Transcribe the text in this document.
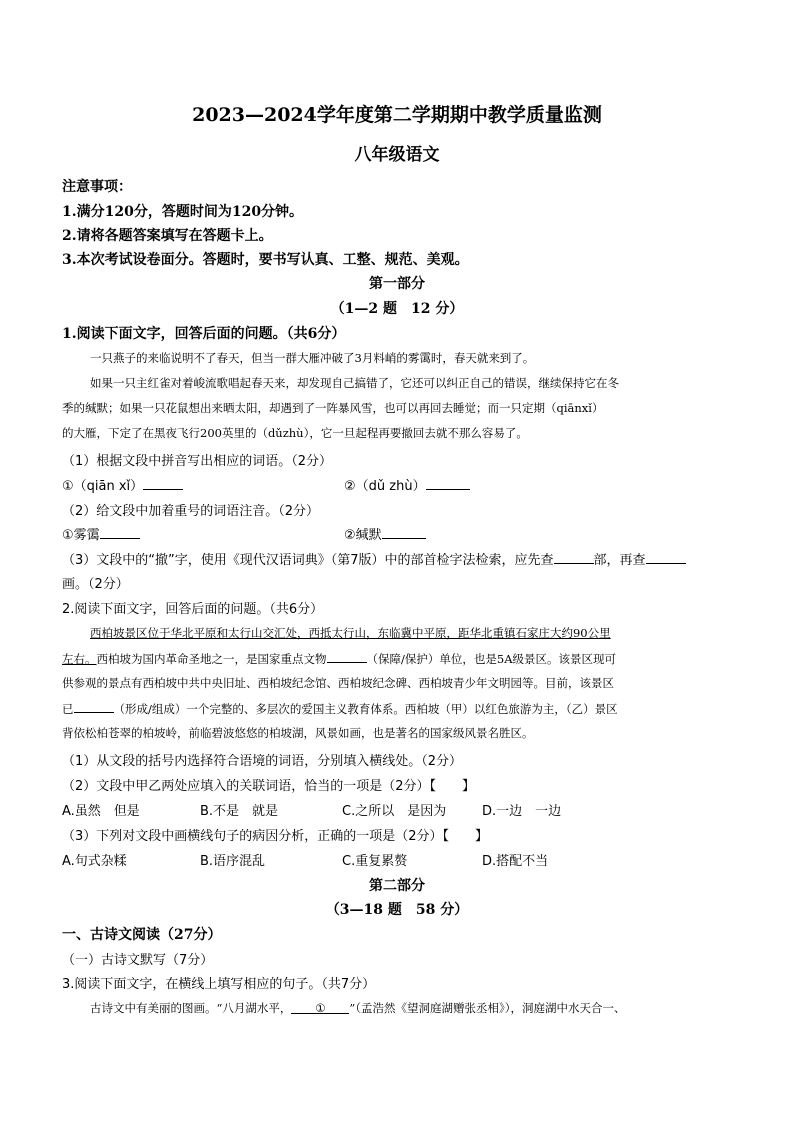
2023—2024学年度第二学期期中教学质量监测
八年级语文
注意事项：
1.满分120分，答题时间为120分钟。
2.请将各题答案填写在答题卡上。
3.本次考试设卷面分。答题时，要书写认真、工整、规范、美观。
第一部分
（1—2 题　12 分）
1.阅读下面文字，回答后面的问题。（共6分）
一只燕子的来临说明不了春天，但当一群大雁冲破了3月料峭的雾霭时，春天就来到了。
如果一只主红雀对着峻流歌唱起春天来，却发现自己搞错了，它还可以纠正自己的错误，继续保持它在冬
季的缄默；如果一只花鼠想出来晒太阳，却遇到了一阵暴风雪，也可以再回去睡觉；而一只定期（qiānxǐ）
的大雁，下定了在黑夜飞行200英里的（dǔzhù），它一旦起程再要撤回去就不那么容易了。
（1）根据文段中拼音写出相应的词语。（2分）
①（qiān xǐ）	②（dǔ zhù）
（2）给文段中加着重号的词语注音。（2分）
①雾霭	②缄默
（3）文段中的“撤”字，使用《现代汉语词典》（第7版）中的部首检字法检索，应先查	部，再查
画。（2分）
2.阅读下面文字，回答后面的问题。（共6分）
西柏坡景区位于华北平原和太行山交汇处，西抵太行山，东临冀中平原，距华北重镇石家庄大约90公里
左右。西柏坡为国内革命圣地之一，是国家重点文物	（保障/保护）单位，也是5A级景区。该景区现可
供参观的景点有西柏坡中共中央旧址、西柏坡纪念馆、西柏坡纪念碑、西柏坡青少年文明园等。目前，该景区
已	（形成/组成）一个完整的、多层次的爱国主义教育体系。西柏坡（甲）以红色旅游为主，（乙）景区
背依松柏苍翠的柏坡岭，前临碧波悠悠的柏坡湖，风景如画，也是著名的国家级风景名胜区。
（1）从文段的括号内选择符合语境的词语，分别填入横线处。（2分）
（2）文段中甲乙两处应填入的关联词语，恰当的一项是（2分）【　　】
A.虽然　但是	B.不是　就是	C.之所以　是因为	D.一边　一边
（3）下列对文段中画横线句子的病因分析，正确的一项是（2分）【　　】
A.句式杂糅	B.语序混乱	C.重复累赘	D.搭配不当
第二部分
（3—18 题　58 分）
一、古诗文阅读（27分）
（一）古诗文默写（7分）
3.阅读下面文字，在横线上填写相应的句子。（共7分）
古诗文中有美丽的图画。“八月湖水平， ① ”（孟浩然《望洞庭湖赠张丞相》），洞庭湖中水天合一、
